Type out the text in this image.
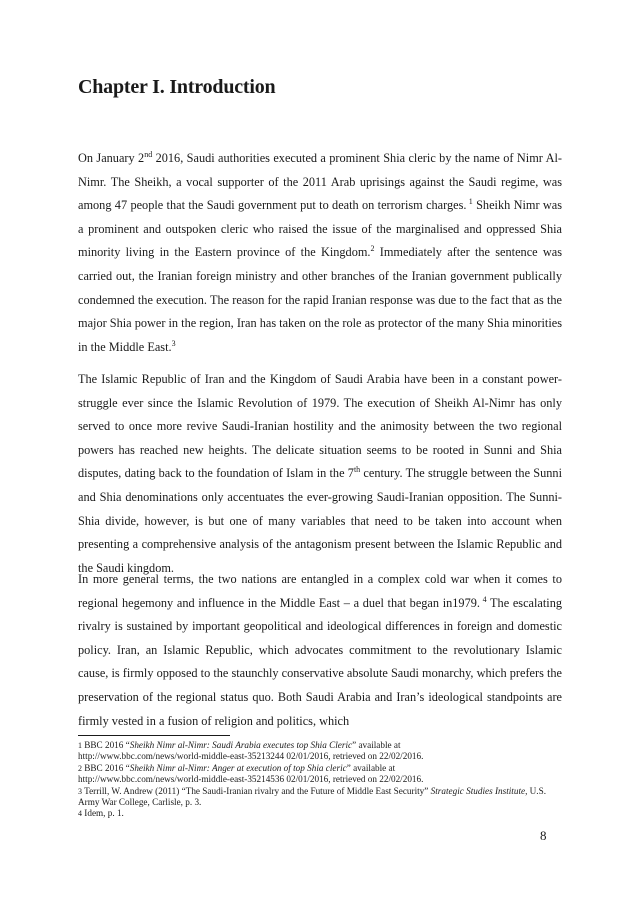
Chapter I. Introduction

On January 2nd 2016, Saudi authorities executed a prominent Shia cleric by the name of Nimr Al-Nimr. The Sheikh, a vocal supporter of the 2011 Arab uprisings against the Saudi regime, was among 47 people that the Saudi government put to death on terrorism charges. $^1$ Sheikh Nimr was a prominent and outspoken cleric who raised the issue of the marginalised and oppressed Shia minority living in the Eastern province of the Kingdom.$^2$ Immediately after the sentence was carried out, the Iranian foreign ministry and other branches of the Iranian government publically condemned the execution. The reason for the rapid Iranian response was due to the fact that as the major Shia power in the region, Iran has taken on the role as protector of the many Shia minorities in the Middle East.$^3$

The Islamic Republic of Iran and the Kingdom of Saudi Arabia have been in a constant power-struggle ever since the Islamic Revolution of 1979. The execution of Sheikh Al-Nimr has only served to once more revive Saudi-Iranian hostility and the animosity between the two regional powers has reached new heights. The delicate situation seems to be rooted in Sunni and Shia disputes, dating back to the foundation of Islam in the 7th century. The struggle between the Sunni and Shia denominations only accentuates the ever-growing Saudi-Iranian opposition. The Sunni-Shia divide, however, is but one of many variables that need to be taken into account when presenting a comprehensive analysis of the antagonism present between the Islamic Republic and the Saudi kingdom.

In more general terms, the two nations are entangled in a complex cold war when it comes to regional hegemony and influence in the Middle East – a duel that began in1979. $^4$ The escalating rivalry is sustained by important geopolitical and ideological differences in foreign and domestic policy. Iran, an Islamic Republic, which advocates commitment to the revolutionary Islamic cause, is firmly opposed to the staunchly conservative absolute Saudi monarchy, which prefers the preservation of the regional status quo. Both Saudi Arabia and Iran’s ideological standpoints are firmly vested in a fusion of religion and politics, which

1 BBC 2016 “Sheikh Nimr al-Nimr: Saudi Arabia executes top Shia Cleric” available at
http://www.bbc.com/news/world-middle-east-35213244 02/01/2016, retrieved on 22/02/2016.
2 BBC 2016 “Sheikh Nimr al-Nimr: Anger at execution of top Shia cleric” available at
http://www.bbc.com/news/world-middle-east-35214536 02/01/2016, retrieved on 22/02/2016.
3 Terrill, W. Andrew (2011) “The Saudi-Iranian rivalry and the Future of Middle East Security” Strategic Studies Institute, U.S. Army War College, Carlisle, p. 3.
4 Idem, p. 1.
8
